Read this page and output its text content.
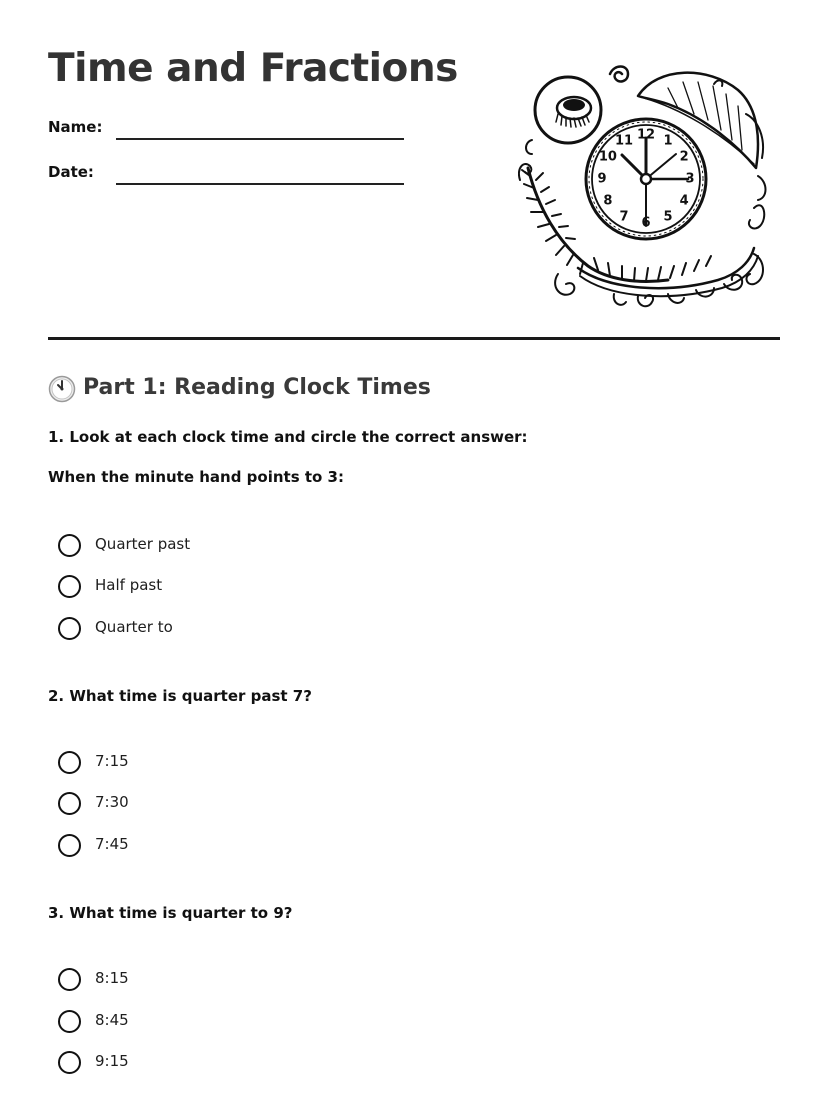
Time and Fractions
Name:
Date:
1
2
3
4
5
6
7
8
9
10
11 12
Part 1: Reading Clock Times
1. Look at each clock time and circle the correct answer:
When the minute hand points to 3:
Quarter past
Half past
Quarter to
2. What time is quarter past 7?
7:15
7:30
7:45
3. What time is quarter to 9?
8:15
8:45
9:15
